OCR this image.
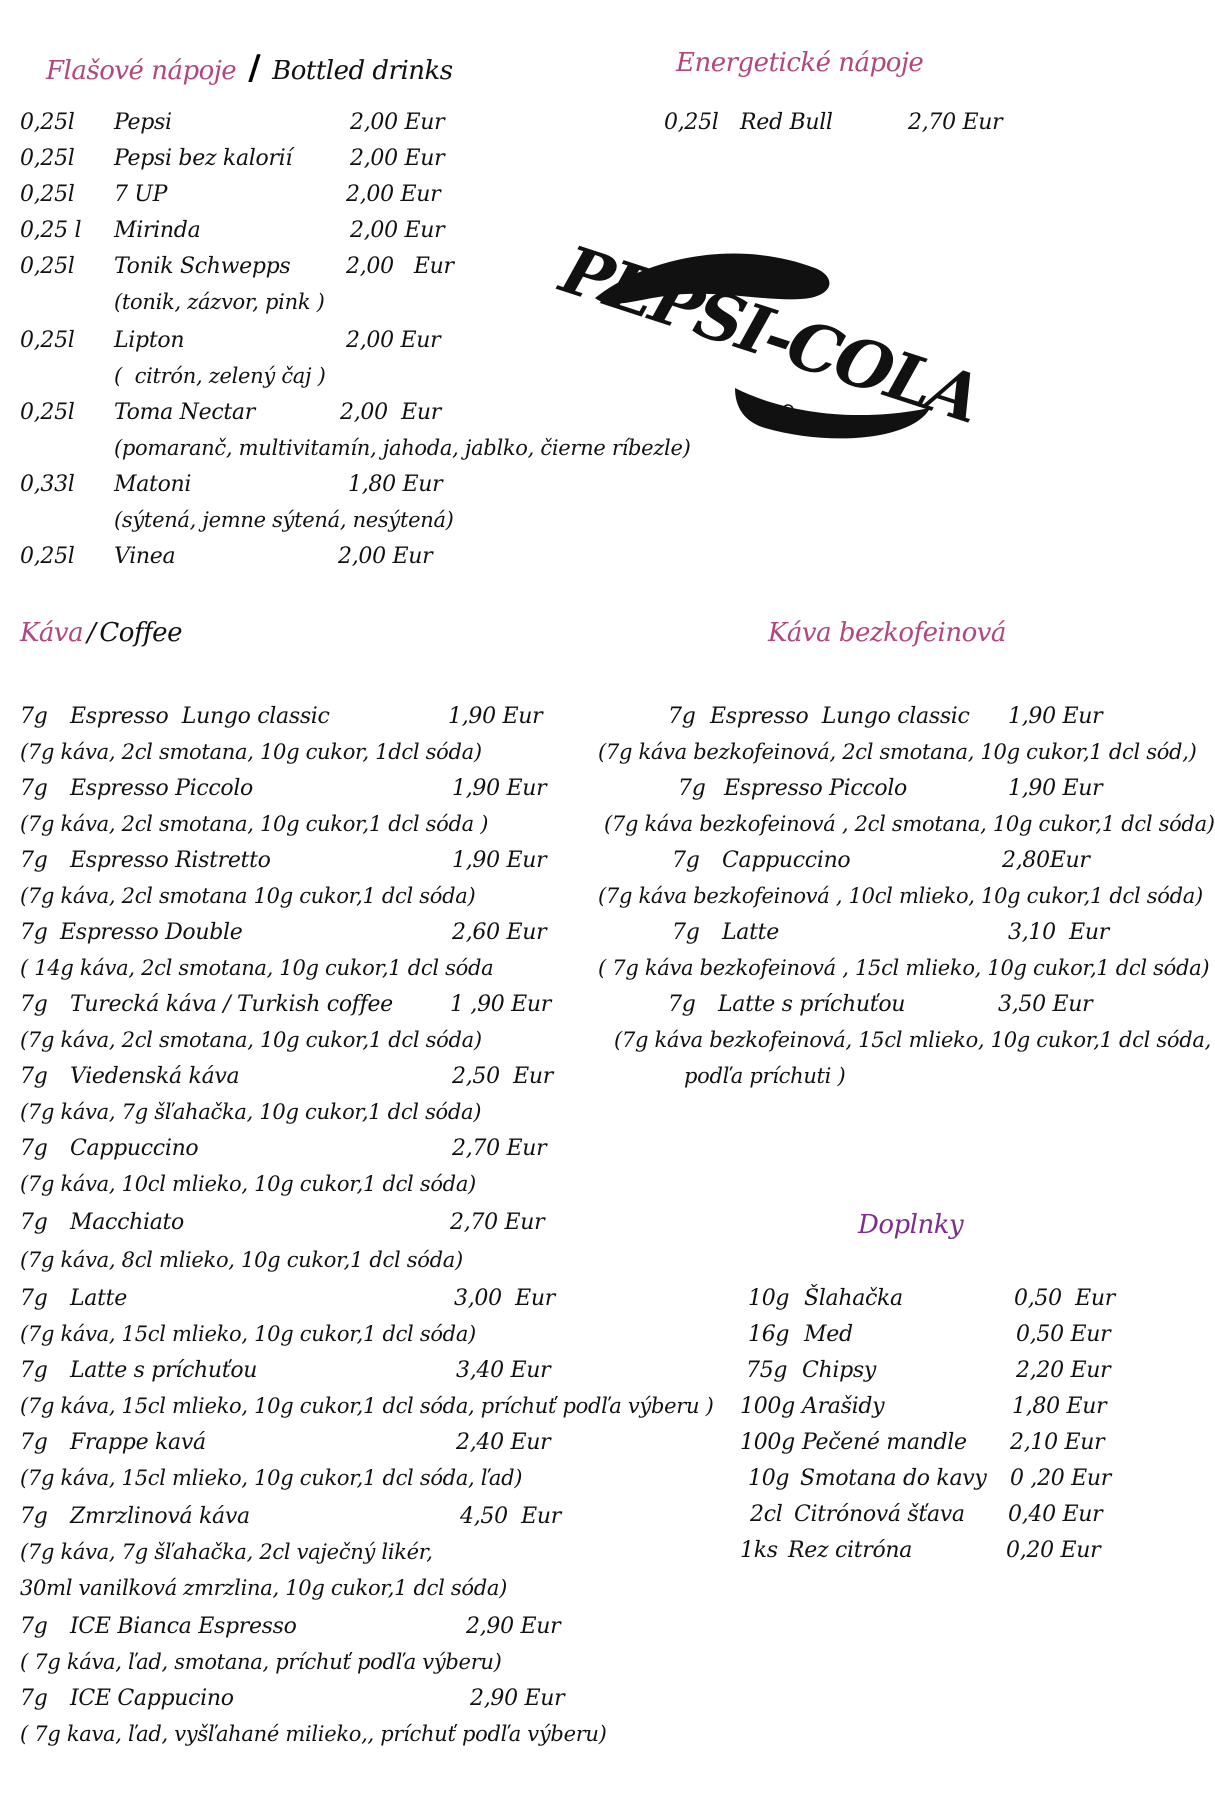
Flašové nápoje / Bottled drinks
0,25l Pepsi	2,00 Eur
0,25l Pepsi bez kalorií	2,00 Eur
0,25l 7 UP	2,00 Eur
0,25 l Mirinda	2,00 Eur
0,25l Tonik Schwepps	2,00   Eur
(tonik, zázvor, pink )
0,25l Lipton	2,00 Eur
(  citrón, zelený čaj )
0,25l Toma Nectar	2,00  Eur
(pomaranč, multivitamín, jahoda, jablko, čierne ríbezle)
0,33l Matoni	1,80 Eur
(sýtená, jemne sýtená, nesýtená)
0,25l Vinea	2,00 Eur
Energetické nápoje
0,25l Red Bull	2,70 Eur
PEPSI-COLA
Káva / Coffee
7g Espresso  Lungo classic	1,90 Eur
(7g káva, 2cl smotana, 10g cukor, 1dcl sóda)
7g Espresso Piccolo	1,90 Eur
(7g káva, 2cl smotana, 10g cukor,1 dcl sóda )
7g Espresso Ristretto	1,90 Eur
(7g káva, 2cl smotana 10g cukor,1 dcl sóda)
7g Espresso Double	2,60 Eur
( 14g káva, 2cl smotana, 10g cukor,1 dcl sóda
7g Turecká káva / Turkish coffee	1 ,90 Eur
(7g káva, 2cl smotana, 10g cukor,1 dcl sóda)
7g Viedenská káva	2,50  Eur
(7g káva, 7g šľahačka, 10g cukor,1 dcl sóda)
7g Cappuccino	2,70 Eur
(7g káva, 10cl mlieko, 10g cukor,1 dcl sóda)
7g Macchiato	2,70 Eur
(7g káva, 8cl mlieko, 10g cukor,1 dcl sóda)
7g Latte	3,00  Eur
(7g káva, 15cl mlieko, 10g cukor,1 dcl sóda)
7g Latte s príchuťou	3,40 Eur
(7g káva, 15cl mlieko, 10g cukor,1 dcl sóda, príchuť podľa výberu )
7g Frappe kavá	2,40 Eur
(7g káva, 15cl mlieko, 10g cukor,1 dcl sóda, ľad)
7g Zmrzlinová káva	4,50  Eur
(7g káva, 7g šľahačka, 2cl vaječný likér,
30ml vanilková zmrzlina, 10g cukor,1 dcl sóda)
7g ICE Bianca Espresso	2,90 Eur
( 7g káva, ľad, smotana, príchuť podľa výberu)
7g ICE Cappucino	2,90 Eur
( 7g kava, ľad, vyšľahané milieko,, príchuť podľa výberu)
Káva bezkofeinová
7g Espresso  Lungo classic 1,90 Eur
(7g káva bezkofeinová, 2cl smotana, 10g cukor,1 dcl sód,)
7g Espresso Piccolo	1,90 Eur
(7g káva bezkofeinová , 2cl smotana, 10g cukor,1 dcl sóda)
7g Cappuccino	2,80Eur
(7g káva bezkofeinová , 10cl mlieko, 10g cukor,1 dcl sóda)
7g Latte	3,10  Eur
( 7g káva bezkofeinová , 15cl mlieko, 10g cukor,1 dcl sóda)
7g Latte s príchuťou	3,50 Eur
(7g káva bezkofeinová, 15cl mlieko, 10g cukor,1 dcl sóda,
podľa príchuti )
Doplnky
10g Šlahačka	0,50  Eur
16g Med	0,50 Eur
75g Chipsy	2,20 Eur
100g Arašidy	1,80 Eur
100g Pečené mandle 2,10 Eur
10g Smotana do kavy 0 ,20 Eur
2cl Citrónová šťava 0,40 Eur
1ks Rez citróna	0,20 Eur
